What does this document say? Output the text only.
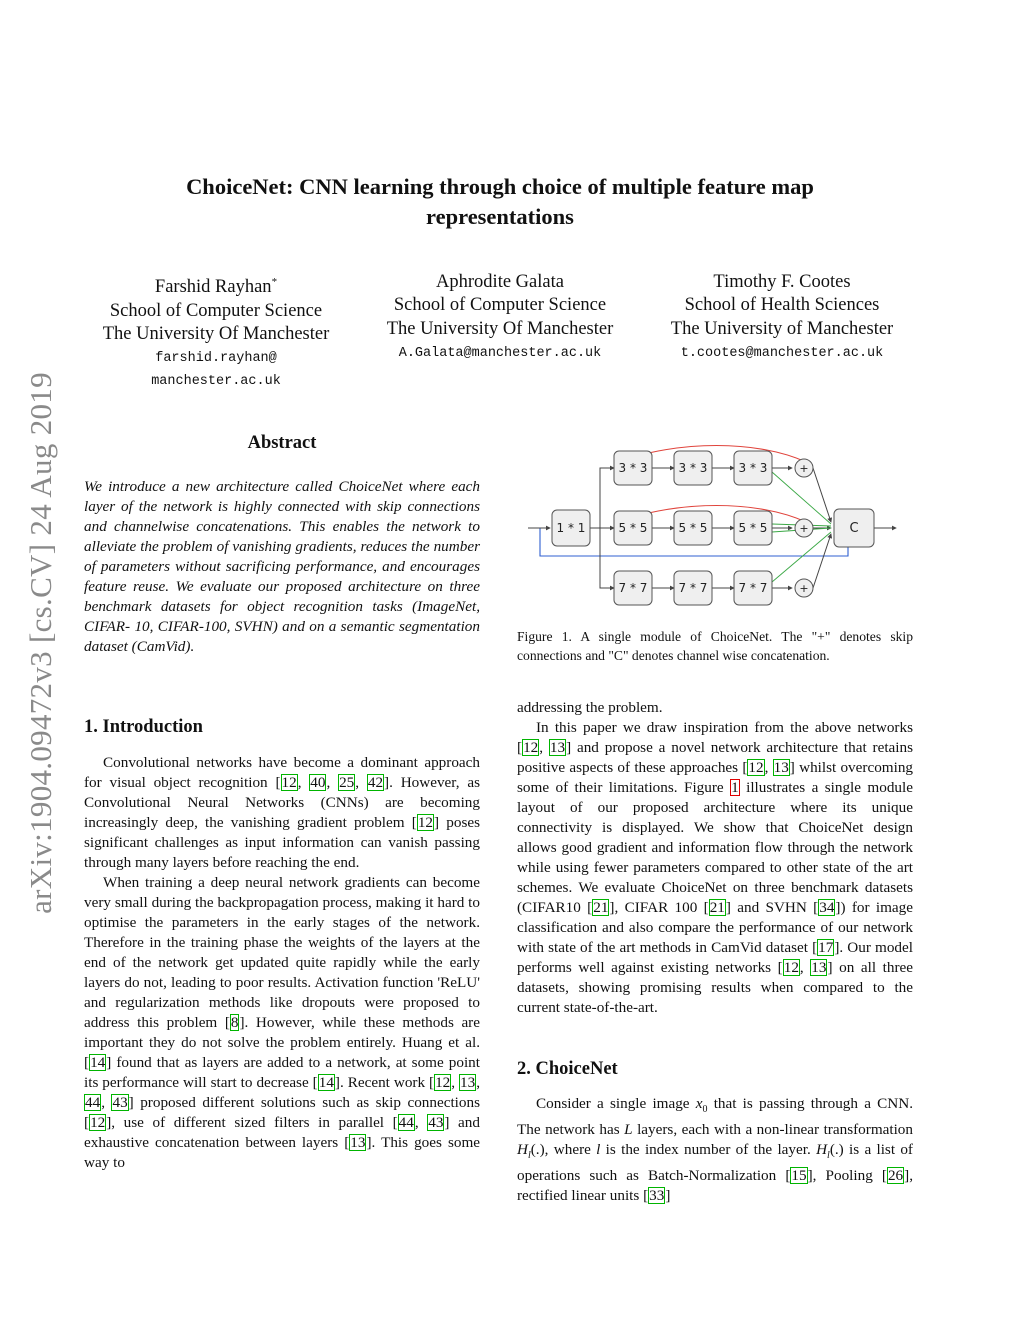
arXiv:1904.09472v3 [cs.CV] 24 Aug 2019
ChoiceNet: CNN learning through choice of multiple feature map representations
Farshid Rayhan*
School of Computer Science
The University Of Manchester
farshid.rayhan@
manchester.ac.uk
Aphrodite Galata
School of Computer Science
The University Of Manchester
A.Galata@manchester.ac.uk
Timothy F. Cootes
School of Health Sciences
The University of Manchester
t.cootes@manchester.ac.uk
Abstract

We introduce a new architecture called ChoiceNet where each layer of the network is highly connected with skip connections and channelwise concatenations. This enables the network to alleviate the problem of vanishing gradients, reduces the number of parameters without sacrificing performance, and encourages feature reuse. We evaluate our proposed architecture on three benchmark datasets for object recognition tasks (ImageNet, CIFAR- 10, CIFAR-100, SVHN) and on a semantic segmentation dataset (CamVid).

1. Introduction

Convolutional networks have become a dominant approach for visual object recognition [12, 40, 25, 42]. However, as Convolutional Neural Networks (CNNs) are becoming increasingly deep, the vanishing gradient problem [12] poses significant challenges as input information can vanish passing through many layers before reaching the end.

When training a deep neural network gradients can become very small during the backpropagation process, making it hard to optimise the parameters in the early stages of the network. Therefore in the training phase the weights of the layers at the end of the network get updated quite rapidly while the early layers do not, leading to poor results. Activation function 'ReLU' and regularization methods like dropouts were proposed to address this problem [8]. However, while these methods are important they do not solve the problem entirely. Huang et al. [14] found that as layers are added to a network, at some point its performance will start to decrease [14]. Recent work [12, 13, 44, 43] proposed different solutions such as skip connections [12], use of different sized filters in parallel [44, 43] and exhaustive concatenation between layers [13]. This goes some way to

1 * 1
3 * 3	3 * 3	3 * 3
5 * 5	5 * 5	5 * 5
7 * 7	7 * 7	7 * 7
+
+
+
C
Figure 1. A single module of ChoiceNet. The "+" denotes skip connections and "C" denotes channel wise concatenation.

addressing the problem.

In this paper we draw inspiration from the above networks [12, 13] and propose a novel network architecture that retains positive aspects of these approaches [12, 13] whilst overcoming some of their limitations. Figure 1 illustrates a single module layout of our proposed architecture where its unique connectivity is displayed. We show that ChoiceNet design allows good gradient and information flow through the network while using fewer parameters compared to other state of the art schemes. We evaluate ChoiceNet on three benchmark datasets (CIFAR10 [21], CIFAR 100 [21] and SVHN [34]) for image classification and also compare the performance of our network with state of the art methods in CamVid dataset [17]. Our model performs well against existing networks [12, 13] on all three datasets, showing promising results when compared to the current state-of-the-art.

2. ChoiceNet

Consider a single image $x_0$ that is passing through a CNN. The network has L layers, each with a non-linear transformation $H_l(.)$, where l is the index number of the layer. $H_l(.)$ is a list of operations such as Batch-Normalization [15], Pooling [26], rectified linear units [33]
